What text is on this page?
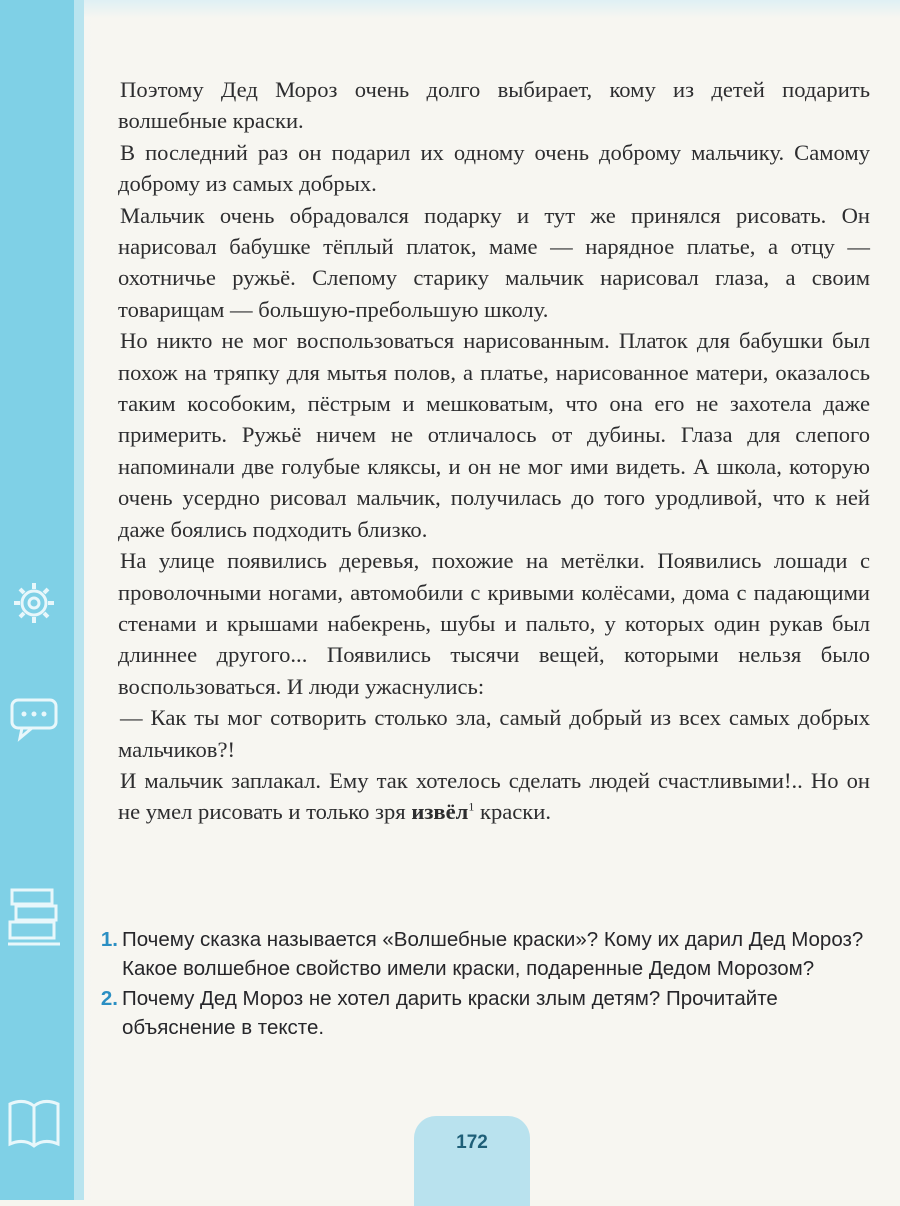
Поэтому Дед Мороз очень долго выбирает, кому из детей подарить волшебные краски.

В последний раз он подарил их одному очень доброму мальчику. Самому доброму из самых добрых.

Мальчик очень обрадовался подарку и тут же принялся рисовать. Он нарисовал бабушке тёплый платок, маме — нарядное платье, а отцу — охотничье ружьё. Слепому старику мальчик нарисовал глаза, а своим товарищам — большую-пребольшую школу.

Но никто не мог воспользоваться нарисованным. Платок для бабушки был похож на тряпку для мытья полов, а платье, нарисованное матери, оказалось таким кособоким, пёстрым и мешковатым, что она его не захотела даже примерить. Ружьё ничем не отличалось от дубины. Глаза для слепого напоминали две голубые кляксы, и он не мог ими видеть. А школа, которую очень усердно рисовал мальчик, получилась до того уродливой, что к ней даже боялись подходить близко.

На улице появились деревья, похожие на метёлки. Появились лошади с проволочными ногами, автомобили с кривыми колёсами, дома с падающими стенами и крышами набекрень, шубы и пальто, у которых один рукав был длиннее другого... Появились тысячи вещей, которыми нельзя было воспользоваться. И люди ужаснулись:

— Как ты мог сотворить столько зла, самый добрый из всех самых добрых мальчиков?!

И мальчик заплакал. Ему так хотелось сделать людей счастливыми!.. Но он не умел рисовать и только зря извёл$^1$ краски.

1. Почему сказка называется «Волшебные краски»? Кому их дарил Дед Мороз? Какое волшебное свойство имели краски, подаренные Дедом Морозом?
2. Почему Дед Мороз не хотел дарить краски злым детям? Прочитайте объяснение в тексте.
172
